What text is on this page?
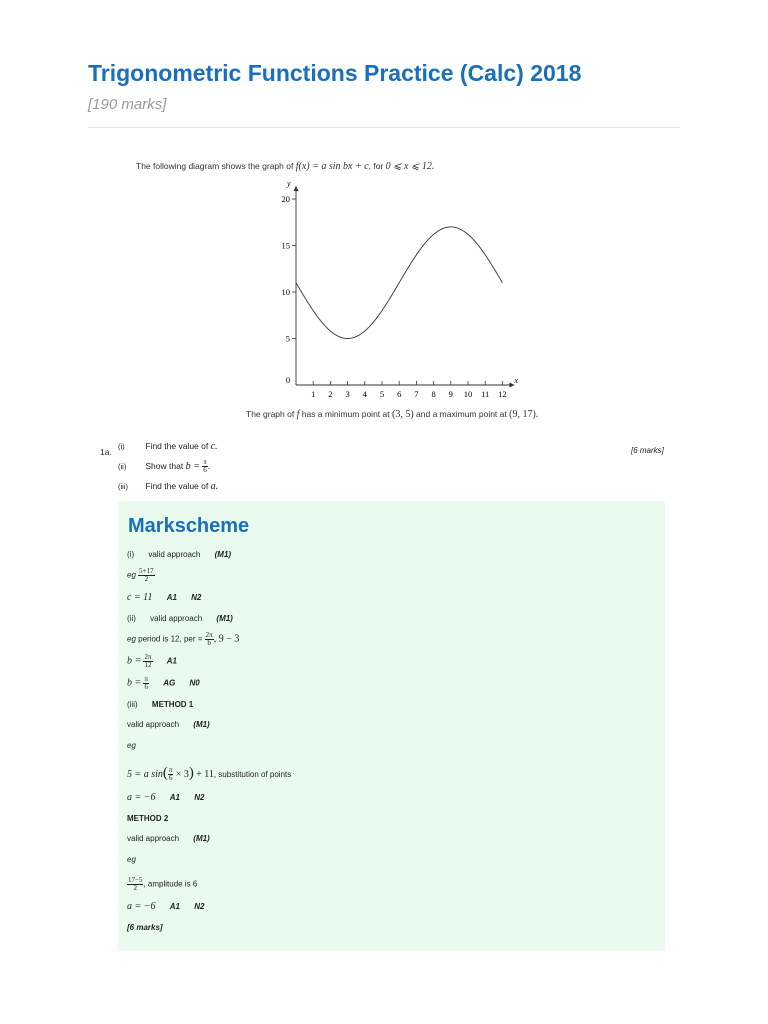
Trigonometric Functions Practice (Calc) 2018
[190 marks]
The following diagram shows the graph of f(x) = a sin bx + c, for 0 ⩽ x ⩽ 12.
x
y
0
1 2 3 4 5 6 7 8 9 10 11 12
5
10
15
20
The graph of f has a minimum point at (3, 5) and a maximum point at (9, 17).
1a.	[6 marks]
(i) Find the value of c.
(ii) Show that $b = \frac{\pi}{6}$ .
(iii) Find the value of a.
Markscheme
(i) valid approach (M1)
eg $\frac{5+17}{2}$
c = 11 A1 N2
(ii) valid approach (M1)
eg period is 12, per = $\frac{2\pi}{b}$ , 9 − 3
$b = \frac{2\pi}{12} A1$
$b = \frac{\pi}{6}$ AG N0
(iii) METHOD 1
valid approach (M1)
eg
5 = a $\sin( \frac{\pi}{6} \times 3) + 11$, substitution of points
a = −6 A1 N2
METHOD 2
valid approach (M1)
eg
$\frac{17-5}{2}$ , amplitude is 6
a = −6 A1 N2
[6 marks]
